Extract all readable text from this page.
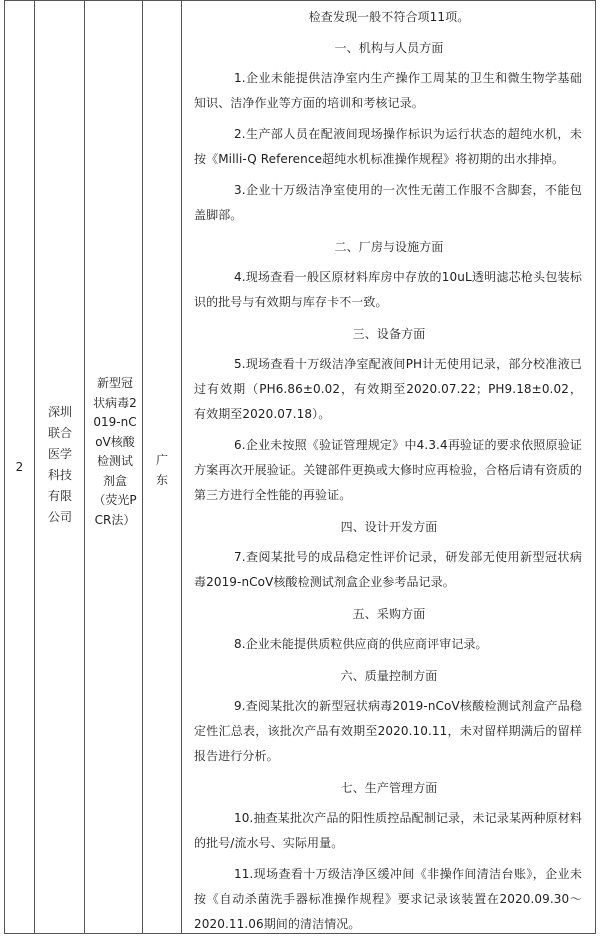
2
深圳联合医学科技有限公司
新型冠状病毒2019-nCoV核酸检测试剂盒（荧光PCR法）
广东
检查发现一般不符合项11项。
一、机构与人员方面
1.企业未能提供洁净室内生产操作工周某的卫生和微生物学基础知识、洁净作业等方面的培训和考核记录。
2.生产部人员在配液间现场操作标识为运行状态的超纯水机，未按《Milli-Q Reference超纯水机标准操作规程》将初期的出水排掉。
3.企业十万级洁净室使用的一次性无菌工作服不含脚套，不能包盖脚部。
二、厂房与设施方面
4.现场查看一般区原材料库房中存放的10uL透明滤芯枪头包装标识的批号与有效期与库存卡不一致。
三、设备方面
5.现场查看十万级洁净室配液间PH计无使用记录，部分校准液已过有效期（PH6.86±0.02，有效期至2020.07.22；PH9.18±0.02，有效期至2020.07.18）。
6.企业未按照《验证管理规定》中4.3.4再验证的要求依照原验证方案再次开展验证。关键部件更换或大修时应再检验，合格后请有资质的第三方进行全性能的再验证。
四、设计开发方面
7.查阅某批号的成品稳定性评价记录，研发部无使用新型冠状病毒2019-nCoV核酸检测试剂盒企业参考品记录。
五、采购方面
8.企业未能提供质粒供应商的供应商评审记录。
六、质量控制方面
9.查阅某批次的新型冠状病毒2019-nCoV核酸检测试剂盒产品稳定性汇总表，该批次产品有效期至2020.10.11，未对留样期满后的留样报告进行分析。
七、生产管理方面
10.抽查某批次产品的阳性质控品配制记录，未记录某两种原材料的批号/流水号、实际用量。
11.现场查看十万级洁净区缓冲间《非操作间清洁台账》，企业未按《自动杀菌洗手器标准操作规程》要求记录该装置在2020.09.30～2020.11.06期间的清洁情况。
